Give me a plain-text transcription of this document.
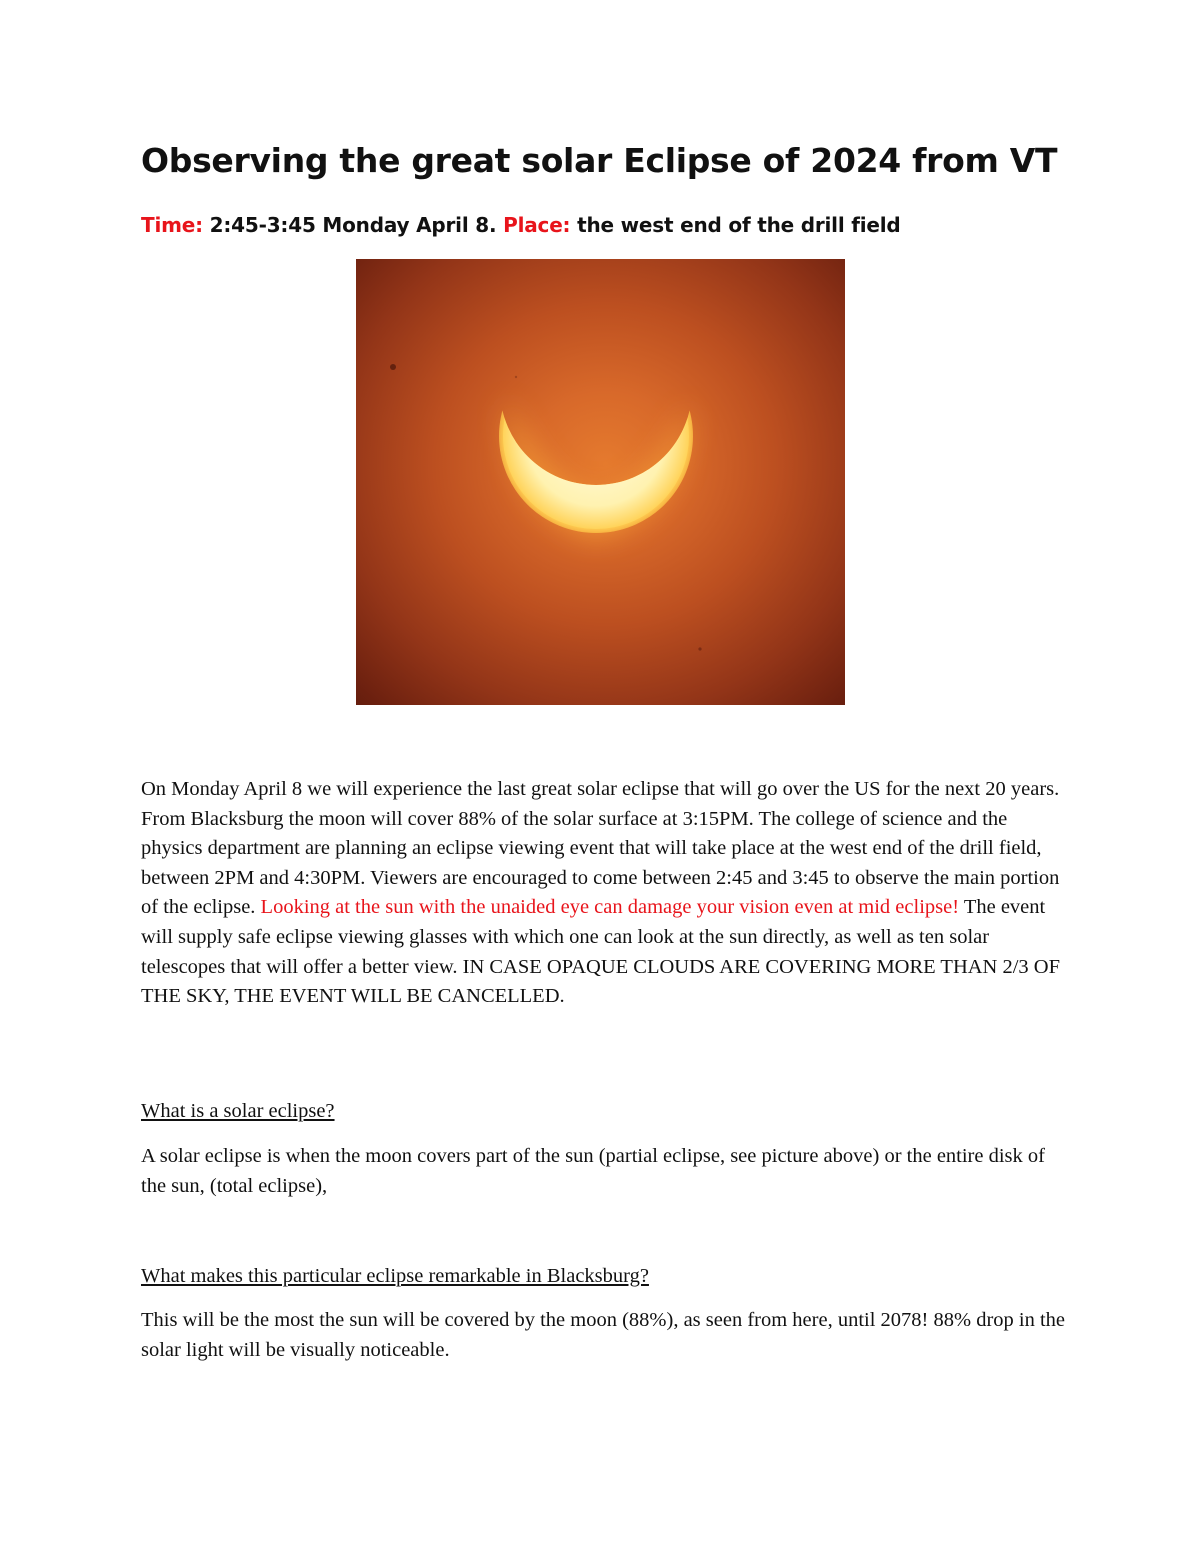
Observing the great solar Eclipse of 2024 from VT

Time: 2:45-3:45 Monday April 8. Place: the west end of the drill field

On Monday April 8 we will experience the last great solar eclipse that will go over the US for the next 20 years. From Blacksburg the moon will cover 88% of the solar surface at 3:15PM. The college of science and the physics department are planning an eclipse viewing event that will take place at the west end of the drill field, between 2PM and 4:30PM. Viewers are encouraged to come between 2:45 and 3:45 to observe the main portion of the eclipse. Looking at the sun with the unaided eye can damage your vision even at mid eclipse! The event will supply safe eclipse viewing glasses with which one can look at the sun directly, as well as ten solar telescopes that will offer a better view. IN CASE OPAQUE CLOUDS ARE COVERING MORE THAN 2/3 OF THE SKY, THE EVENT WILL BE CANCELLED.

What is a solar eclipse?

A solar eclipse is when the moon covers part of the sun (partial eclipse, see picture above) or the entire disk of the sun, (total eclipse),

What makes this particular eclipse remarkable in Blacksburg?

This will be the most the sun will be covered by the moon (88%), as seen from here, until 2078! 88% drop in the solar light will be visually noticeable.
